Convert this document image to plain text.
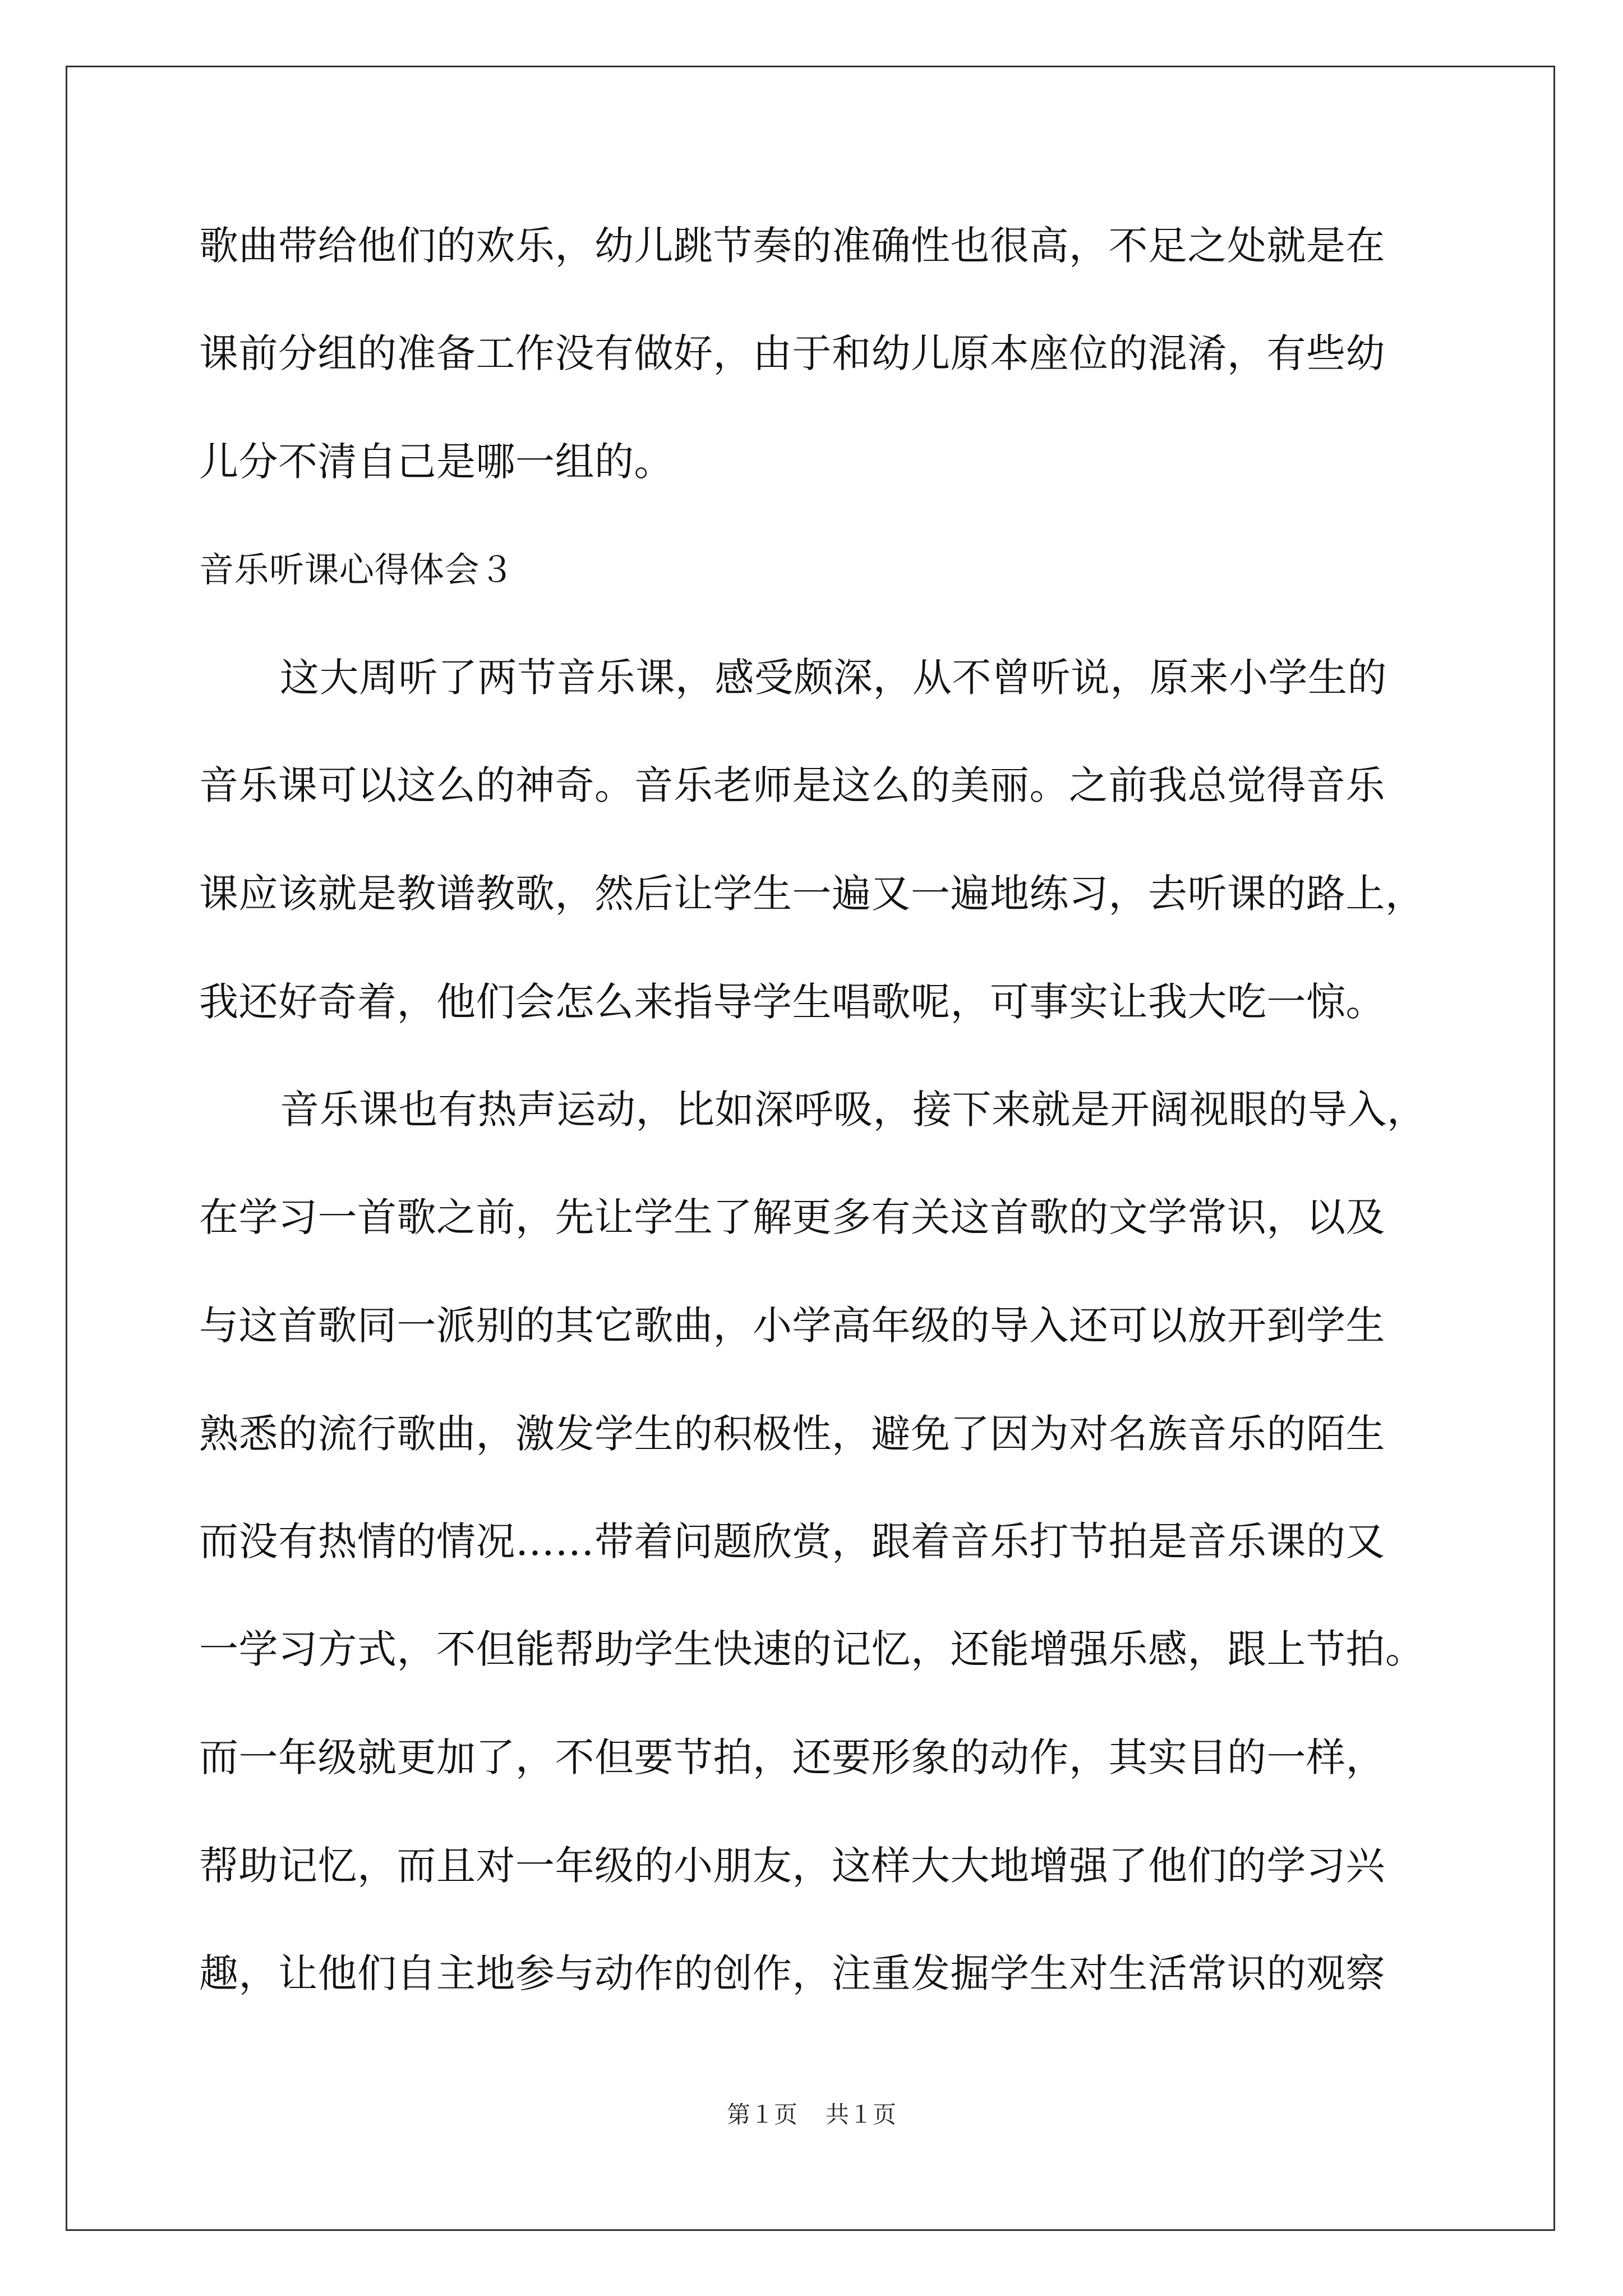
歌曲带给他们的欢乐，幼儿跳节奏的准确性也很高，不足之处就是在
课前分组的准备工作没有做好，由于和幼儿原本座位的混淆，有些幼
儿分不清自己是哪一组的。
音乐听课心得体会３
这大周听了两节音乐课，感受颇深，从不曾听说，原来小学生的
音乐课可以这么的神奇。音乐老师是这么的美丽。之前我总觉得音乐
课应该就是教谱教歌，然后让学生一遍又一遍地练习，去听课的路上，
我还好奇着，他们会怎么来指导学生唱歌呢，可事实让我大吃一惊。
音乐课也有热声运动，比如深呼吸，接下来就是开阔视眼的导入，
在学习一首歌之前，先让学生了解更多有关这首歌的文学常识，以及
与这首歌同一派别的其它歌曲，小学高年级的导入还可以放开到学生
熟悉的流行歌曲，激发学生的积极性，避免了因为对名族音乐的陌生
而没有热情的情况……带着问题欣赏，跟着音乐打节拍是音乐课的又
一学习方式，不但能帮助学生快速的记忆，还能增强乐感，跟上节拍。
而一年级就更加了，不但要节拍，还要形象的动作，其实目的一样，
帮助记忆，而且对一年级的小朋友，这样大大地增强了他们的学习兴
趣，让他们自主地参与动作的创作，注重发掘学生对生活常识的观察
第１页 共１页
